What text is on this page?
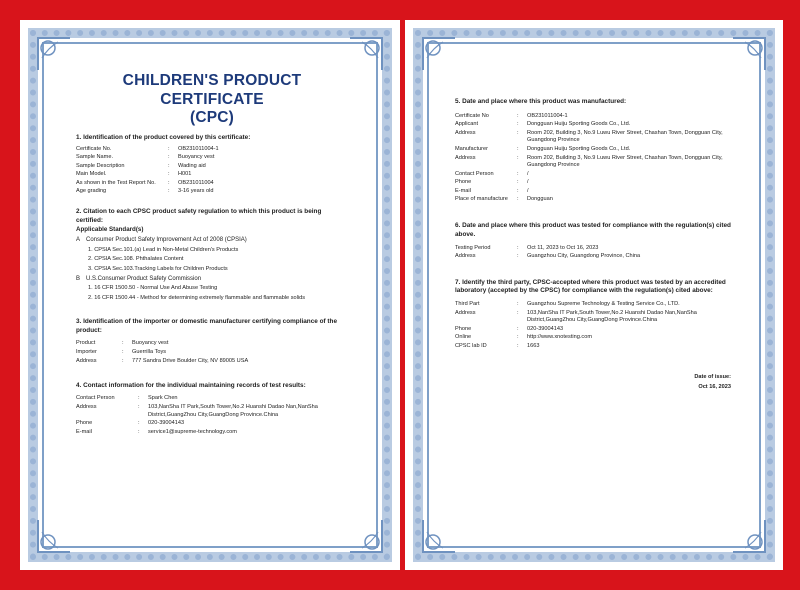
CHILDREN'S PRODUCT CERTIFICATE
(CPC)
1. Identification of the product covered by this certificate:
Certificate No.	:	OB231011004-1
Sample Name.	:	Buoyancy vest
Sample Description	:	Wading aid
Main Model.	:	H001
As shown in the Test Report No.	:	OB231011004
Age grading	:	3-16 years old
2. Citation to each CPSC product safety regulation to which this product is being certified:
Applicable Standard(s)
A Consumer Product Safety Improvement Act of 2008 (CPSIA)
1. CPSIA Sec.101.(a) Lead in Non-Metal Children's Products
2. CPSIA Sec.108. Phthalates Content
3. CPSIA Sec.103.Tracking Labels for Children Products
B U.S.Consumer Product Safety Commission
1. 16 CFR 1500.50 - Normal Use And Abuse Testing
2. 16 CFR 1500.44 - Method for determining extremely flammable and flammable solids
3. Identification of the importer or domestic manufacturer certifying compliance of the product:
Product	:	Buoyancy vest
Importer	:	Guerrilla Toys
Address	:	777 Sandra Drive Boulder City, NV 89005 USA
4. Contact information for the individual maintaining records of test results:
Contact Person	:	Spark Chen
Address	:	103,NanSha IT Park,South Tower,No.2 Huanshi Dadao Nan,NanSha District,GuangZhou City,GuangDong Province.China
Phone	:	020-39004143
E-mail	:	service1@supreme-technology.com
5. Date and place where this product was manufactured:
Certificate No	:	OB231011004-1
Applicant	:	Dongguan Huiju Sporting Goods Co., Ltd.
Address	:	Room 202, Building 3, No.9 Luwu River Street, Chashan Town, Dongguan City, Guangdong Province
Manufacturer	:	Dongguan Huiju Sporting Goods Co., Ltd.
Address	:	Room 202, Building 3, No.9 Luwu River Street, Chashan Town, Dongguan City, Guangdong Province
Contact Person	:	/
Phone	:	/
E-mail	:	/
Place of manufacture	:	Dongguan
6. Date and place where this product was tested for compliance with the regulation(s) cited above.
Testing Period	:	Oct 11, 2023 to Oct 16, 2023
Address	:	Guangzhou City, Guangdong Province, China
7. Identify the third party, CPSC-accepted where this product was tested by an accredited laboratory (accepted by the CPSC) for compliance with the regulation(s) cited above:
Third Part	:	Guangzhou Supreme Technology & Testing Service Co., LTD.
Address	:	103,NanSha IT Park,South Tower,No.2 Huanshi Dadao Nan,NanSha District,GuangZhou City,GuangDong Province.China
Phone	:	020-39004143
Online	:	http://www.xnotesting.com
CPSC lab ID	:	1663
Date of issue:
Oct 16, 2023
